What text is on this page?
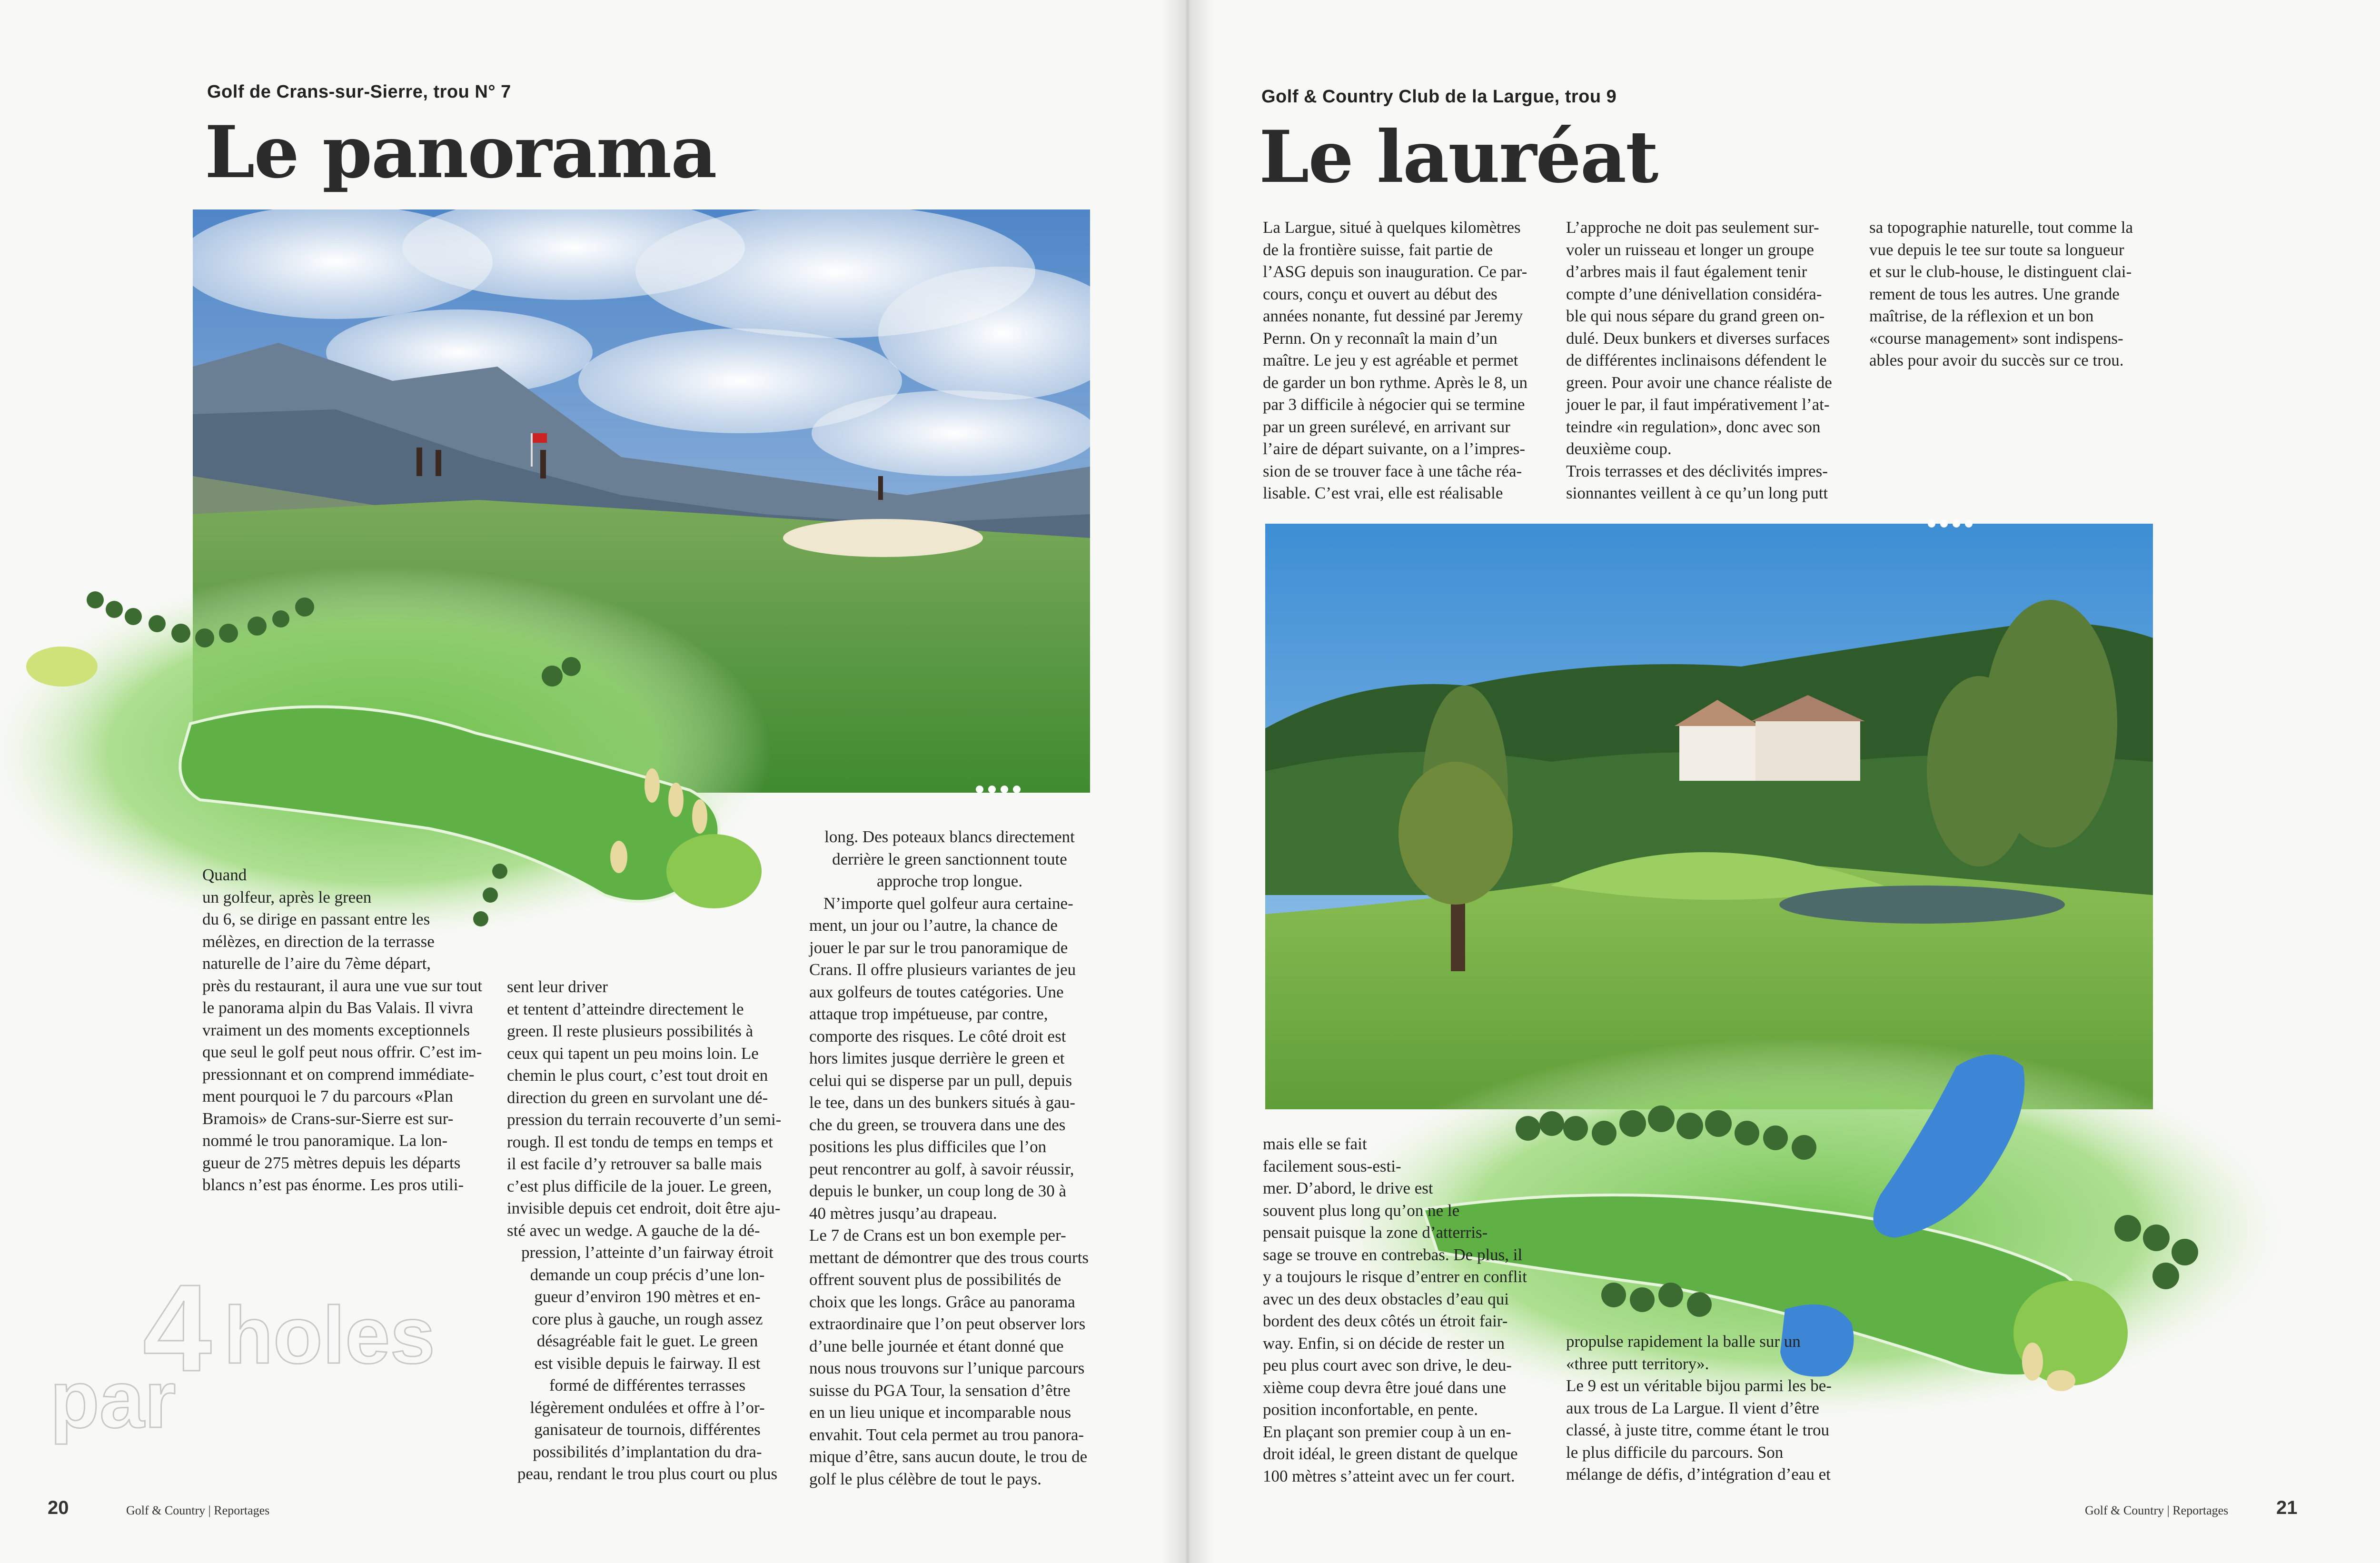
Golf de Crans-sur-Sierre, trou N° 7
Le panorama

Quand

un golfeur, après le green

du 6, se dirige en passant entre les

mélèzes, en direction de la terrasse

naturelle de l’aire du 7ème départ,

près du restaurant, il aura une vue sur tout

le panorama alpin du Bas Valais. Il vivra

vraiment un des moments exceptionnels

que seul le golf peut nous offrir. C’est im-

pressionnant et on comprend immédiate-

ment pourquoi le 7 du parcours «Plan

Bramois» de Crans-sur-Sierre est sur-

nommé le trou panoramique. La lon-

gueur de 275 mètres depuis les départs

blancs n’est pas énorme. Les pros utili-

sent leur driver

et tentent d’atteindre directement le

green. Il reste plusieurs possibilités à

ceux qui tapent un peu moins loin. Le

chemin le plus court, c’est tout droit en

direction du green en survolant une dé-

pression du terrain recouverte d’un semi-

rough. Il est tondu de temps en temps et

il est facile d’y retrouver sa balle mais

c’est plus difficile de la jouer. Le green,

invisible depuis cet endroit, doit être aju-

sté avec un wedge. A gauche de la dé-

pression, l’atteinte d’un fairway étroit

demande un coup précis d’une lon-

gueur d’environ 190 mètres et en-

core plus à gauche, un rough assez

désagréable fait le guet. Le green

est visible depuis le fairway. Il est

formé de différentes terrasses

légèrement ondulées et offre à l’or-

ganisateur de tournois, différentes

possibilités d’implantation du dra-

peau, rendant le trou plus court ou plus

long. Des poteaux blancs directement

derrière le green sanctionnent toute

approche trop longue.

N’importe quel golfeur aura certaine-

ment, un jour ou l’autre, la chance de

jouer le par sur le trou panoramique de

Crans. Il offre plusieurs variantes de jeu

aux golfeurs de toutes catégories. Une

attaque trop impétueuse, par contre,

comporte des risques. Le côté droit est

hors limites jusque derrière le green et

celui qui se disperse par un pull, depuis

le tee, dans un des bunkers situés à gau-

che du green, se trouvera dans une des

positions les plus difficiles que l’on

peut rencontrer au golf, à savoir réussir,

depuis le bunker, un coup long de 30 à

40 mètres jusqu’au drapeau.

Le 7 de Crans est un bon exemple per-

mettant de démontrer que des trous courts

offrent souvent plus de possibilités de

choix que les longs. Grâce au panorama

extraordinaire que l’on peut observer lors

d’une belle journée et étant donné que

nous nous trouvons sur l’unique parcours

suisse du PGA Tour, la sensation d’être

en un lieu unique et incomparable nous

envahit. Tout cela permet au trou panora-

mique d’être, sans aucun doute, le trou de

golf le plus célèbre de tout le pays.

4 holes
par
20	Golf & Country | Reportages
Golf & Country Club de la Largue, trou 9
Le lauréat

La Largue, situé à quelques kilomètres

de la frontière suisse, fait partie de

l’ASG depuis son inauguration. Ce par-

cours, conçu et ouvert au début des

années nonante, fut dessiné par Jeremy

Pernn. On y reconnaît la main d’un

maître. Le jeu y est agréable et permet

de garder un bon rythme. Après le 8, un

par 3 difficile à négocier qui se termine

par un green surélevé, en arrivant sur

l’aire de départ suivante, on a l’impres-

sion de se trouver face à une tâche réa-

lisable. C’est vrai, elle est réalisable

L’approche ne doit pas seulement sur-

voler un ruisseau et longer un groupe

d’arbres mais il faut également tenir

compte d’une dénivellation considéra-

ble qui nous sépare du grand green on-

dulé. Deux bunkers et diverses surfaces

de différentes inclinaisons défendent le

green. Pour avoir une chance réaliste de

jouer le par, il faut impérativement l’at-

teindre «in regulation», donc avec son

deuxième coup.

Trois terrasses et des déclivités impres-

sionnantes veillent à ce qu’un long putt

sa topographie naturelle, tout comme la

vue depuis le tee sur toute sa longueur

et sur le club-house, le distinguent clai-

rement de tous les autres. Une grande

maîtrise, de la réflexion et un bon

«course management» sont indispens-

ables pour avoir du succès sur ce trou.

mais elle se fait

facilement sous-esti-

mer. D’abord, le drive est

souvent plus long qu’on ne le

pensait puisque la zone d’atterris-

sage se trouve en contrebas. De plus, il

y a toujours le risque d’entrer en conflit

avec un des deux obstacles d’eau qui

bordent des deux côtés un étroit fair-

way. Enfin, si on décide de rester un

peu plus court avec son drive, le deu-

xième coup devra être joué dans une

position inconfortable, en pente.

En plaçant son premier coup à un en-

droit idéal, le green distant de quelque

100 mètres s’atteint avec un fer court.

propulse rapidement la balle sur un

«three putt territory».

Le 9 est un véritable bijou parmi les be-

aux trous de La Largue. Il vient d’être

classé, à juste titre, comme étant le trou

le plus difficile du parcours. Son

mélange de défis, d’intégration d’eau et

Golf & Country | Reportages	21
